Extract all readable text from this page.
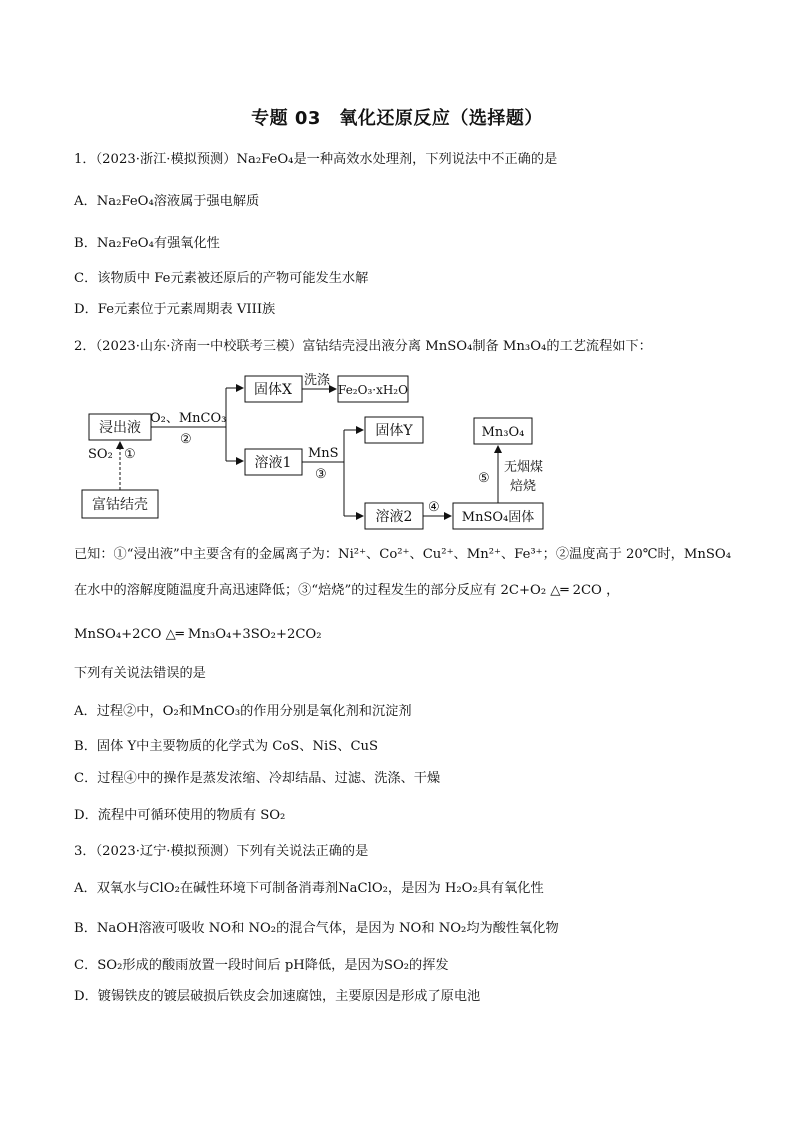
专题 03　氧化还原反应（选择题）
1．（2023·浙江·模拟预测）Na₂FeO₄是一种高效水处理剂，下列说法中不正确的是
A．Na₂FeO₄溶液属于强电解质
B．Na₂FeO₄有强氧化性
C．该物质中 Fe元素被还原后的产物可能发生水解
D．Fe元素位于元素周期表 VIII族
2．（2023·山东·济南一中校联考三模）富钴结壳浸出液分离 MnSO₄制备 Mn₃O₄的工艺流程如下：
浸出液
富钴结壳
SO₂ ①
O₂、MnCO₃
②
固体X
洗涤
Fe₂O₃·xH₂O
溶液1
MnS
③
固体Y
溶液2
④
MnSO₄固体
⑤
无烟煤
焙烧
Mn₃O₄
已知：①“浸出液”中主要含有的金属离子为：Ni²⁺、Co²⁺、Cu²⁺、Mn²⁺、Fe³⁺；②温度高于 20℃时，MnSO₄
在水中的溶解度随温度升高迅速降低；③“焙烧”的过程发生的部分反应有 2C+O₂ △═ 2CO ，
MnSO₄+2CO △═ Mn₃O₄+3SO₂+2CO₂
下列有关说法错误的是
A．过程②中，O₂和MnCO₃的作用分别是氧化剂和沉淀剂
B．固体 Y中主要物质的化学式为 CoS、NiS、CuS
C．过程④中的操作是蒸发浓缩、冷却结晶、过滤、洗涤、干燥
D．流程中可循环使用的物质有 SO₂
3．（2023·辽宁·模拟预测）下列有关说法正确的是
A．双氧水与ClO₂在碱性环境下可制备消毒剂NaClO₂，是因为 H₂O₂具有氧化性
B．NaOH溶液可吸收 NO和 NO₂的混合气体，是因为 NO和 NO₂均为酸性氧化物
C．SO₂形成的酸雨放置一段时间后 pH降低，是因为SO₂的挥发
D．镀锡铁皮的镀层破损后铁皮会加速腐蚀，主要原因是形成了原电池
